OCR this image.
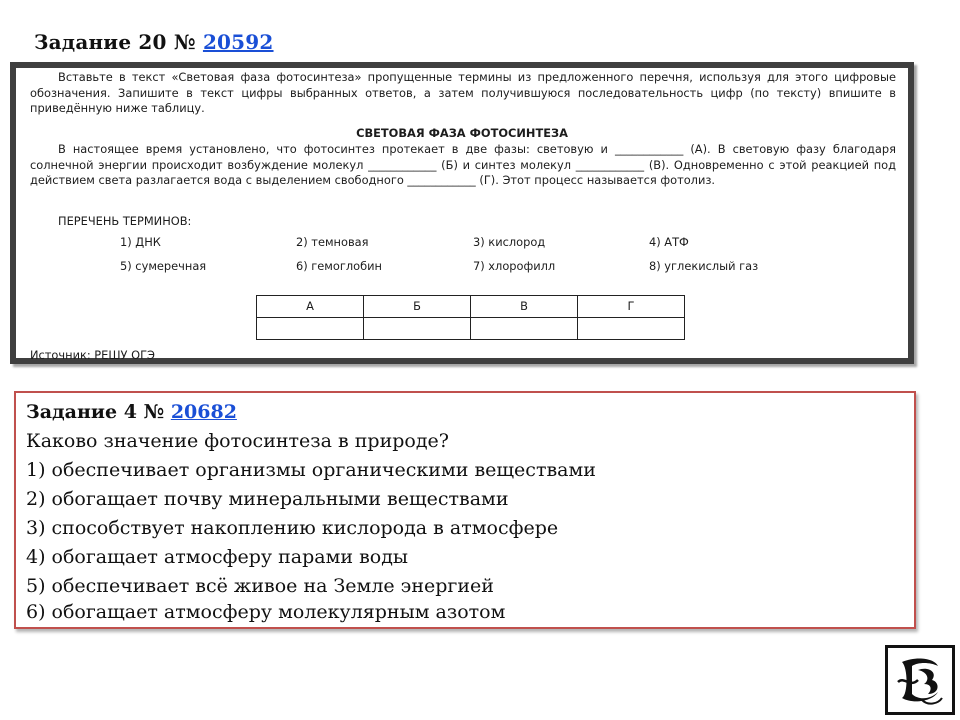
Задание 20 № 20592
Вставьте в текст «Световая фаза фотосинтеза» пропущенные термины из предложенного перечня, используя для этого цифровые обозначения. Запишите в текст цифры выбранных ответов, а затем получившуюся последовательность цифр (по тексту) впишите в приведённую ниже таблицу.
СВЕТОВАЯ ФАЗА ФОТОСИНТЕЗА
В настоящее время установлено, что фотосинтез протекает в две фазы: световую и ____________ (А). В световую фазу благодаря солнечной энергии происходит возбуждение молекул ____________ (Б) и синтез молекул ____________ (В). Одновременно с этой реакцией под действием света разлагается вода с выделением свободного ____________ (Г). Этот процесс называется фотолиз.
ПЕРЕЧЕНЬ ТЕРМИНОВ:
1) ДНК	2) темновая	3) кислород	4) АТФ
5) сумеречная	6) гемоглобин	7) хлорофилл	8) углекислый газ
А	Б	В	Г

Источник: РЕШУ ОГЭ
Задание 4 № 20682
Каково значение фотосинтеза в природе?
1) обеспечивает организмы органическими веществами
2) обогащает почву минеральными веществами
3) способствует накоплению кислорода в атмосфере
4) обогащает атмосферу парами воды
5) обеспечивает всё живое на Земле энергией
6) обогащает атмосферу молекулярным азотом
